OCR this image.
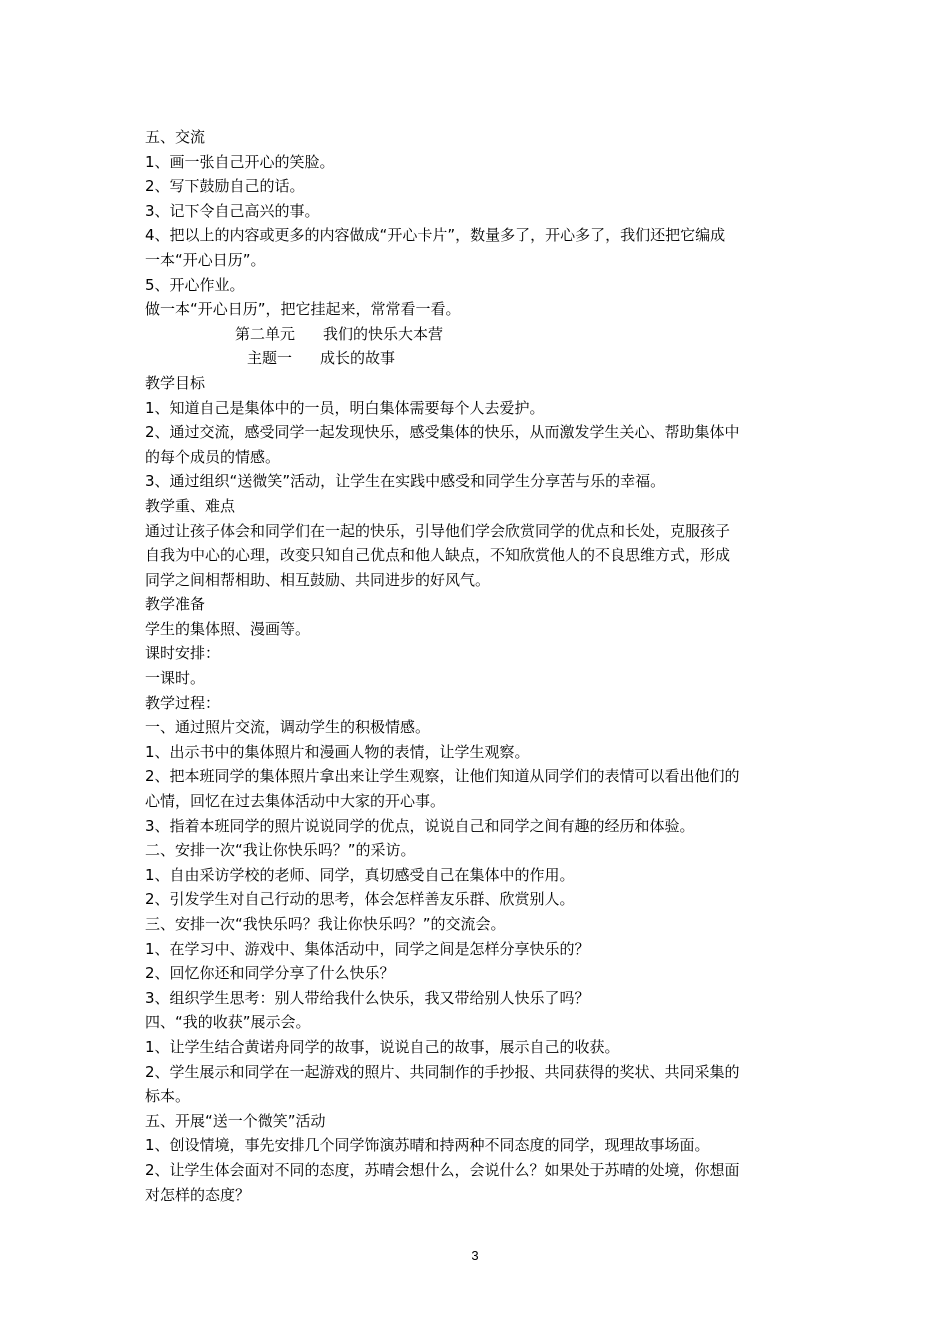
五、交流
1、画一张自己开心的笑脸。
2、写下鼓励自己的话。
3、记下令自己高兴的事。
4、把以上的内容或更多的内容做成“开心卡片”，数量多了，开心多了，我们还把它编成
一本“开心日历”。
5、开心作业。
做一本“开心日历”，把它挂起来，常常看一看。
第二单元 我们的快乐大本营
主题一 成长的故事
教学目标
1、知道自己是集体中的一员，明白集体需要每个人去爱护。
2、通过交流，感受同学一起发现快乐，感受集体的快乐，从而激发学生关心、帮助集体中
的每个成员的情感。
3、通过组织“送微笑”活动，让学生在实践中感受和同学生分享苦与乐的幸福。
教学重、难点
通过让孩子体会和同学们在一起的快乐，引导他们学会欣赏同学的优点和长处，克服孩子
自我为中心的心理，改变只知自己优点和他人缺点，不知欣赏他人的不良思维方式，形成
同学之间相帮相助、相互鼓励、共同进步的好风气。
教学准备
学生的集体照、漫画等。
课时安排：
一课时。
教学过程：
一、通过照片交流，调动学生的积极情感。
1、出示书中的集体照片和漫画人物的表情，让学生观察。
2、把本班同学的集体照片拿出来让学生观察，让他们知道从同学们的表情可以看出他们的
心情，回忆在过去集体活动中大家的开心事。
3、指着本班同学的照片说说同学的优点，说说自己和同学之间有趣的经历和体验。
二、安排一次“我让你快乐吗？”的采访。
1、自由采访学校的老师、同学，真切感受自己在集体中的作用。
2、引发学生对自己行动的思考，体会怎样善友乐群、欣赏别人。
三、安排一次“我快乐吗？我让你快乐吗？”的交流会。
1、在学习中、游戏中、集体活动中，同学之间是怎样分享快乐的？
2、回忆你还和同学分享了什么快乐？
3、组织学生思考：别人带给我什么快乐，我又带给别人快乐了吗？
四、“我的收获”展示会。
1、让学生结合黄诺舟同学的故事，说说自己的故事，展示自己的收获。
2、学生展示和同学在一起游戏的照片、共同制作的手抄报、共同获得的奖状、共同采集的
标本。
五、开展“送一个微笑”活动
1、创设情境，事先安排几个同学饰演苏晴和持两种不同态度的同学，现理故事场面。
2、让学生体会面对不同的态度，苏晴会想什么，会说什么？如果处于苏晴的处境，你想面
对怎样的态度？
3
